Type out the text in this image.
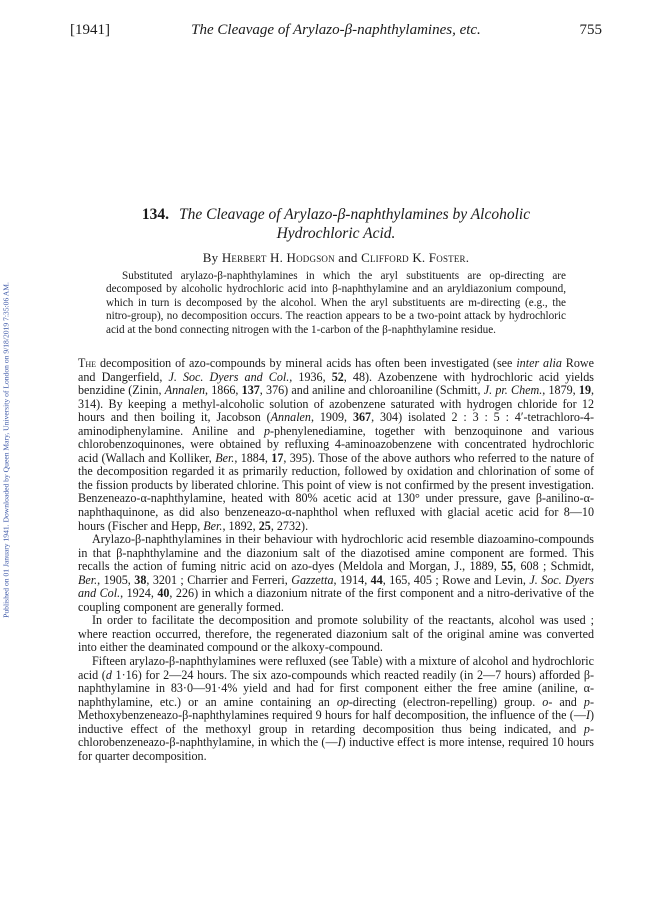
[1941]	The Cleavage of Arylazo-β-naphthylamines, etc.	755
Published on 01 January 1941. Downloaded by Queen Mary, University of London on 9/18/2019 7:35:06 AM.
134. The Cleavage of Arylazo-β-naphthylamines by Alcoholic
Hydrochloric Acid.
By Herbert H. Hodgson and Clifford K. Foster.
Substituted arylazo-β-naphthylamines in which the aryl substituents are op-directing are decomposed by alcoholic hydrochloric acid into β-naphthylamine and an aryldiazonium compound, which in turn is decomposed by the alcohol. When the aryl substituents are m-directing (e.g., the nitro-group), no decomposition occurs. The reaction appears to be a two-point attack by hydrochloric acid at the bond connecting nitrogen with the 1-carbon of the β-naphthylamine residue.

The decomposition of azo-compounds by mineral acids has often been investigated (see inter alia Rowe and Dangerfield, J. Soc. Dyers and Col., 1936, 52, 48). Azobenzene with hydrochloric acid yields benzidine (Zinin, Annalen, 1866, 137, 376) and aniline and chloroaniline (Schmitt, J. pr. Chem., 1879, 19, 314). By keeping a methyl-alcoholic solution of azobenzene saturated with hydrogen chloride for 12 hours and then boiling it, Jacobson (Annalen, 1909, 367, 304) isolated 2 : 3 : 5 : 4′-tetrachloro-4-aminodiphenylamine. Aniline and p-phenylenediamine, together with benzoquinone and various chlorobenzoquinones, were obtained by refluxing 4-aminoazobenzene with concentrated hydrochloric acid (Wallach and Kolliker, Ber., 1884, 17, 395). Those of the above authors who referred to the nature of the decomposition regarded it as primarily reduction, followed by oxidation and chlorination of some of the fission products by liberated chlorine. This point of view is not confirmed by the present investigation. Benzeneazo-α-naphthylamine, heated with 80% acetic acid at 130° under pressure, gave β-anilino-α-naphthaquinone, as did also benzeneazo-α-naphthol when refluxed with glacial acetic acid for 8—10 hours (Fischer and Hepp, Ber., 1892, 25, 2732).

Arylazo-β-naphthylamines in their behaviour with hydrochloric acid resemble diazoamino-compounds in that β-naphthylamine and the diazonium salt of the diazotised amine component are formed. This recalls the action of fuming nitric acid on azo-dyes (Meldola and Morgan, J., 1889, 55, 608 ; Schmidt, Ber., 1905, 38, 3201 ; Charrier and Ferreri, Gazzetta, 1914, 44, 165, 405 ; Rowe and Levin, J. Soc. Dyers and Col., 1924, 40, 226) in which a diazonium nitrate of the first component and a nitro-derivative of the coupling component are generally formed.

In order to facilitate the decomposition and promote solubility of the reactants, alcohol was used ; where reaction occurred, therefore, the regenerated diazonium salt of the original amine was converted into either the deaminated compound or the alkoxy-compound.

Fifteen arylazo-β-naphthylamines were refluxed (see Table) with a mixture of alcohol and hydrochloric acid (d 1·16) for 2—24 hours. The six azo-compounds which reacted readily (in 2—7 hours) afforded β-naphthylamine in 83·0—91·4% yield and had for first component either the free amine (aniline, α-naphthylamine, etc.) or an amine containing an op-directing (electron-repelling) group. o- and p-Methoxybenzeneazo-β-naphthylamines required 9 hours for half decomposition, the influence of the (—I) inductive effect of the methoxyl group in retarding decomposition thus being indicated, and p-chlorobenzeneazo-β-naphthylamine, in which the (—I) inductive effect is more intense, required 10 hours for quarter decomposition.
